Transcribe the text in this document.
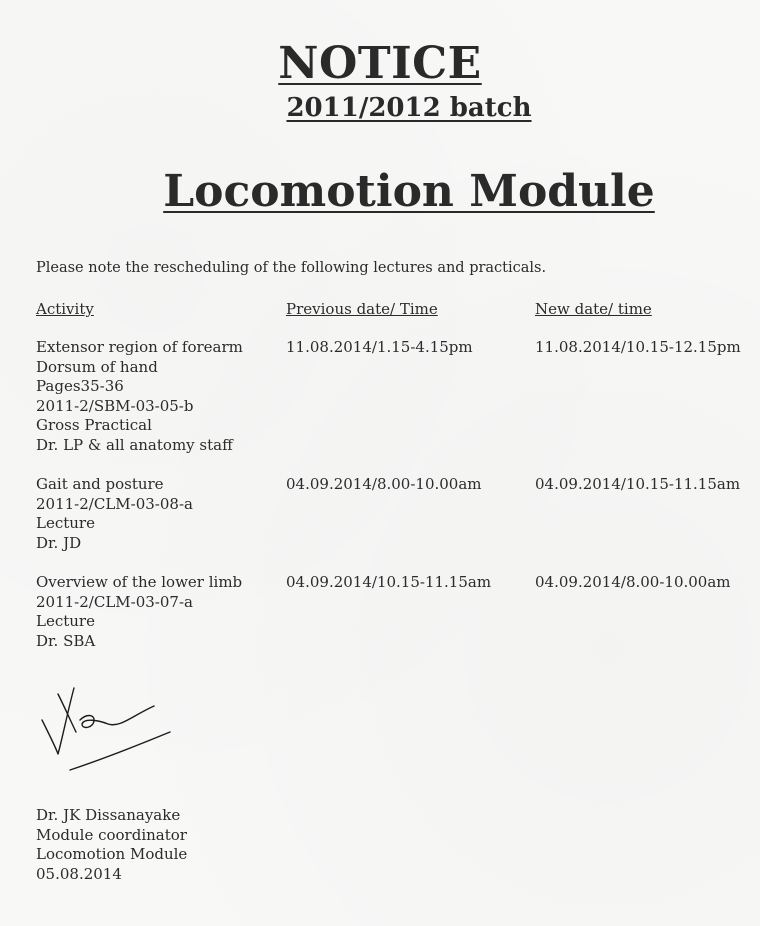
NOTICE
2011/2012 batch
Locomotion Module
Please note the rescheduling of the following lectures and practicals.
Activity	Previous date/ Time	New date/ time
Extensor region of forearm
Dorsum of hand
Pages35-36
2011-2/SBM-03-05-b
Gross Practical
Dr. LP & all anatomy staff
11.08.2014/1.15-4.15pm	11.08.2014/10.15-12.15pm
Gait and posture
2011-2/CLM-03-08-a
Lecture
Dr. JD
04.09.2014/8.00-10.00am	04.09.2014/10.15-11.15am
Overview of the lower limb
2011-2/CLM-03-07-a
Lecture
Dr. SBA
04.09.2014/10.15-11.15am	04.09.2014/8.00-10.00am
Dr. JK Dissanayake
Module coordinator
Locomotion Module
05.08.2014
